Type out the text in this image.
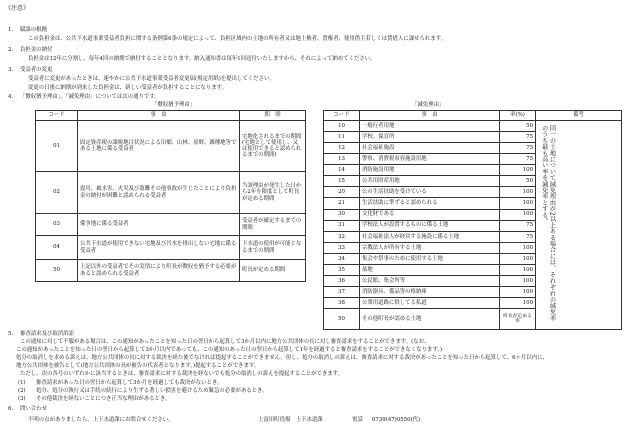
《注意》
1. 賦課の根拠
この負担金は、公共下水道事業受益者負担に関する条例第6条の規定によって、負担区域内の土地の所有者又は地上権者、質権者、使用借主若しくは賃借人に課せられます。
2. 負担金の納付
負担金は12年に分割し、毎年4回の納期で納付することとなります。納入通知書は毎年1回送付いたしますから、それによって納めてください。
3. 受益者の変更
受益者に変更があったときは、速やかに公共下水道事業受益者変更届(規定用紙)を提出してください。
変更の日後に納期が到来した負担金は、新しい受益者が負担することになります。
4. 「徴収猶予理由」、「減免理由」については次の通りです。
「徴収猶予理由」
コード	事　由	期　間
01	固定資産税の課税地目状況による田畑、山林、原野、雑種地等である土地に係る受益者	宅地化されるまでの期間(宅地として使用し、又は使用できると認められるまでの期間)
02	震災、風水害、火災及び盗難その他事故が生じたことにより負担金の納付が困難と認められる受益者	当該理由が発生した日から2年を限度として町長が定める期間
03	係争地に係る受益者	受益者が確定するまでの期間
04	公共下水道が使用できない宅地及び汚水を排出しない宅地に係る受益者	下水道の使用が可能となるまでの期間
50	上記以外の受益者でその実情により町長が徴収を猶予する必要があると認められる受益者	町長が定める期間
「減免理由」
コード	事　由	率(%)	備考
10	一般行者用地	50	同一の土地について減免理由が2以上ある場合には、それぞれの減免率のうち最も高い率を減免率とする。

11	学校、保育所	75	
12	社会福祉施設	75	
13	警察、消費税収容施設用地	75	
14	消防施設用地	100	
15	公共用財産用地	50	
20	公の生活扶助を受けている	100	
21	生活扶助に準ずると認められる	100	
30	文化財である	100	
31	学校法人が設置するものに係る土地	75	
32	社会福祉法人が経営する施設に係る土地	75	
33	宗教法人が所有する土地	100	
34	集会や祭事のために使用する土地	100	
35	墓地	100	
36	公民館、集会所等	100	
37	消防器具、備品等の格納庫	100	
38	公衆用道路に供してる私道	100	
50	その他町長が認める土地	町長が定める率	
5. 審査請求及び取消訴訟
この通知に対して不服がある場合は、この通知があったことを知った日の翌日から起算して3か月以内に地方公共団体の長に対し審査請求をすることができます。(なお、
この通知があったことを知った日の翌日から起算して3か月以内であっても、この通知のあった日の翌日から起算して1年を経過すると審査請求をすることができなくなります。)
処分の取消しを求める訴えは、地方公共団体の長に対する裁決を経た後でなければ提起することができません。但し、処分の取消しの訴えは、審査請求に対する裁決があったことを知った日から起算して、6ヶ月以内に、
地方公共団体を被告として(地方公共団体の長が被告の代表者となります。)提起することができます。
ただし、次の各号のいずれかに該当するときは、審査請求に対する裁決を経ないでも処分の取消しの訴えを提起することができます。
(1) 審査請求があった日の翌日から起算して3か月を経過しても裁決がないとき。
(2) 処分、処分の執行又は手続の続行により生ずる著しい損害を避けるため緊急の必要があるとき。
(3) その他裁決を経ないことにつき正当な理由があるとき。
6. 問い合わせ
不明の点がありましたら、上下水道課にお問合せください。	上富田町役場　上下水道課	電話 0739(47)0550(代)
